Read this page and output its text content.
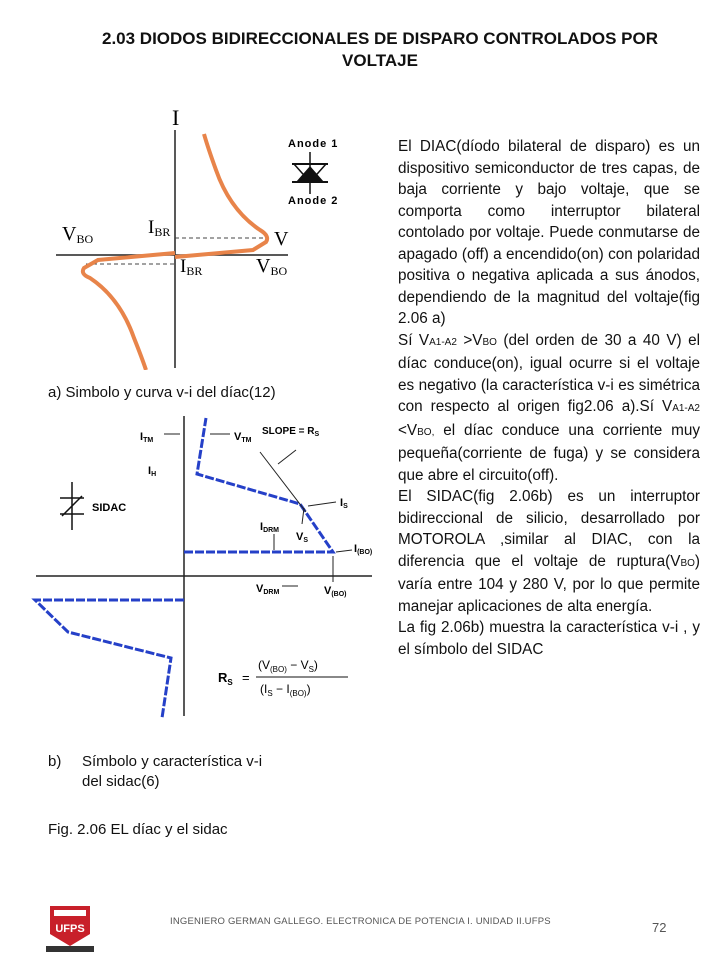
2.03 DIODOS BIDIRECCIONALES DE DISPARO CONTROLADOS POR
VOLTAJE
I
V
VBO
IBR
IBR	VBO
Anode 1
Anode 2
a) Simbolo y curva v-i del díac(12)
ITM	VTM
SLOPE = $R_S$
IH
IS
IDRM
VS
I(BO)
VDRM	V(BO)
SIDAC
$R_S$ =
$(V_{(BO)} - V_S)$
$(I_S - I_{(BO)})$
b)	Símbolo y característica v-i
del sidac(6)
Fig. 2.06 EL díac y el sidac

El DIAC(díodo bilateral de disparo) es un dispositivo semiconductor de tres capas, de baja corriente y bajo voltaje, que se comporta como interruptor bilateral contolado por voltaje. Puede conmutarse de apagado (off) a encendido(on) con polaridad positiva o negativa aplicada a sus ánodos, dependiendo de la magnitud del voltaje(fig 2.06 a)

Sí VA1-A2 >VBO (del orden de 30 a 40 V) el díac conduce(on), igual ocurre si el voltaje es negativo (la característica v-i es simétrica con respecto al origen fig2.06 a).Sí VA1-A2 <VBO, el díac conduce una corriente muy pequeña(corriente de fuga) y se considera que abre el circuito(off).

El SIDAC(fig 2.06b) es un interruptor bidireccional de silicio, desarrollado por MOTOROLA ,similar al DIAC, con la diferencia que el voltaje de ruptura(VBO) varía entre 104 y 280 V, por lo que permite manejar aplicaciones de alta energía.

La fig 2.06b) muestra la característica v-i , y el símbolo del SIDAC

UFPS
INGENIERO GERMAN GALLEGO. ELECTRONICA DE POTENCIA I. UNIDAD II.UFPS	72
